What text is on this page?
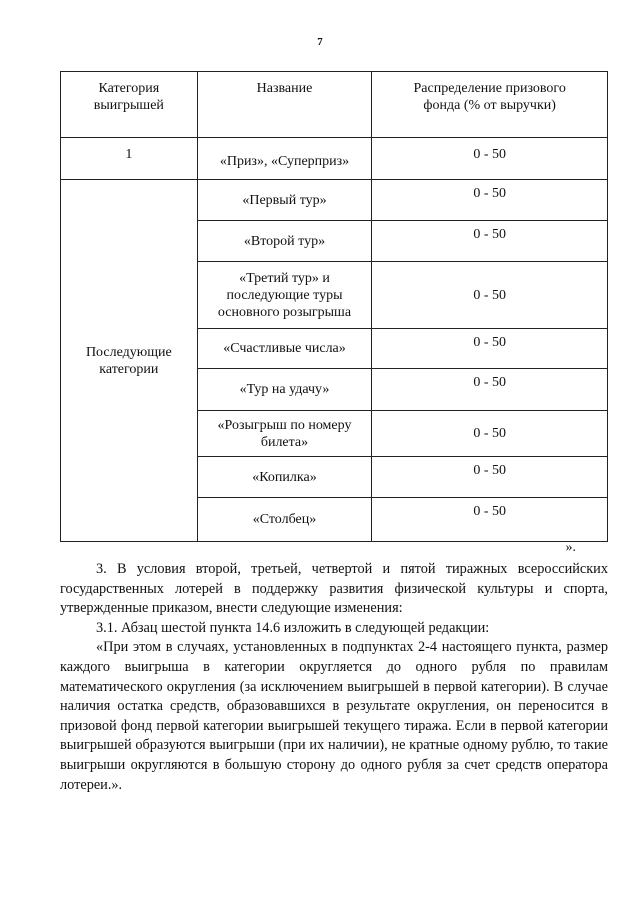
7
Категория выигрышей	Название	Распределение призового фонда (% от выручки)
1	«Приз», «Суперприз»	0 - 50
Последующие категории	«Первый тур»	0 - 50
	«Второй тур»	0 - 50
	«Третий тур» и последующие туры основного розыгрыша	0 - 50
	«Счастливые числа»	0 - 50
	«Тур на удачу»	0 - 50
	«Розыгрыш по номеру билета»	0 - 50
	«Копилка»	0 - 50
	«Столбец»	0 - 50
».

3. В условия второй, третьей, четвертой и пятой тиражных всероссийских государственных лотерей в поддержку развития физической культуры и спорта, утвержденные приказом, внести следующие изменения:

3.1. Абзац шестой пункта 14.6 изложить в следующей редакции:

«При этом в случаях, установленных в подпунктах 2-4 настоящего пункта, размер каждого выигрыша в категории округляется до одного рубля по правилам математического округления (за исключением выигрышей в первой категории). В случае наличия остатка средств, образовавшихся в результате округления, он переносится в призовой фонд первой категории выигрышей текущего тиража. Если в первой категории выигрышей образуются выигрыши (при их наличии), не кратные одному рублю, то такие выигрыши округляются в большую сторону до одного рубля за счет средств оператора лотереи.».
